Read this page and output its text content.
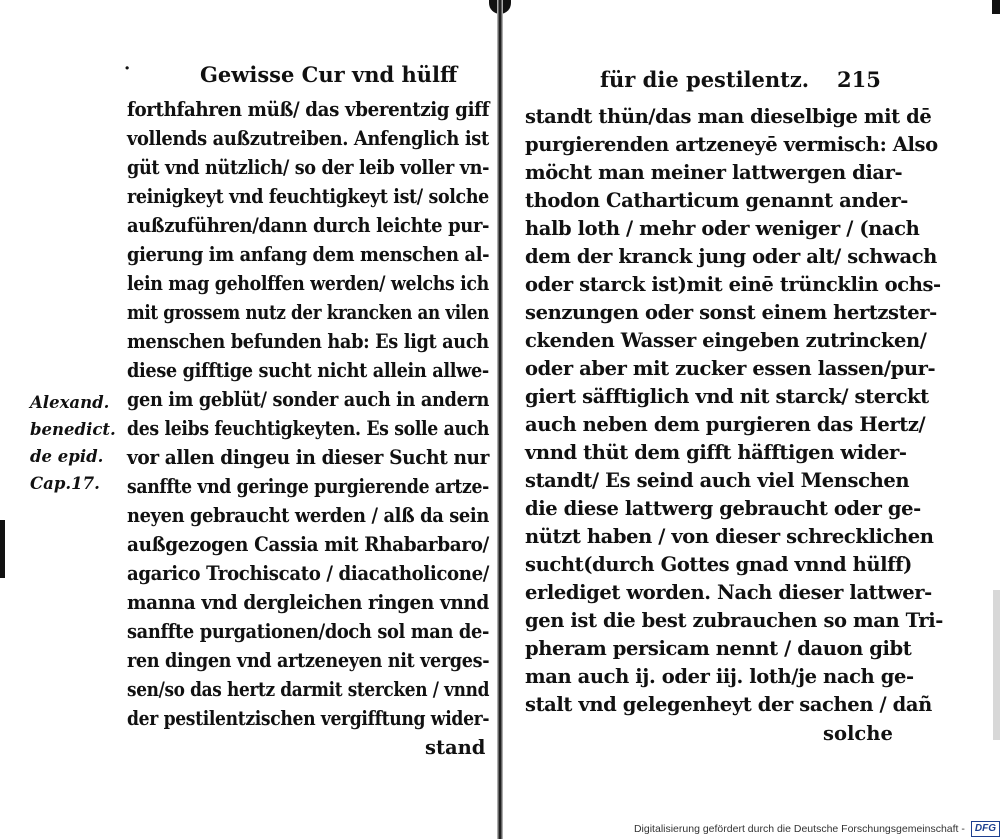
·	Gewisse Cur vnd hülff
forthfahren müß/ das vberentzig giff
vollends außzutreiben. Anfenglich ist
güt vnd nützlich/ so der leib voller vn-
reinigkeyt vnd feuchtigkeyt ist/ solche
außzuführen/dann durch leichte pur-
gierung im anfang dem menschen al-
lein mag geholffen werden/ welchs ich
mit grossem nutz der krancken an vilen
menschen befunden hab: Es ligt auch
diese gifftige sucht nicht allein allwe-
gen im geblüt/ sonder auch in andern
des leibs feuchtigkeyten. Es solle auch
vor allen dingeu in dieser Sucht nur
sanffte vnd geringe purgierende artze-
neyen gebraucht werden / alß da sein
außgezogen Cassia mit Rhabarbaro/
agarico Trochiscato / diacatholicone/
manna vnd dergleichen ringen vnnd
sanffte purgationen/doch sol man de-
ren dingen vnd artzeneyen nit verges-
sen/so das hertz darmit stercken / vnnd
der pestilentzischen vergifftung wider-
stand
Alexand.
benedict.
de epid.
Cap.17.
für die pestilentz. 215
standt thün/das man dieselbige mit dē
purgierenden artzeneyē vermisch: Also
möcht man meiner lattwergen diar-
thodon Catharticum genannt ander-
halb loth / mehr oder weniger / (nach
dem der kranck jung oder alt/ schwach
oder starck ist)mit einē trüncklin ochs-
senzungen oder sonst einem hertzster-
ckenden Wasser eingeben zutrincken/
oder aber mit zucker essen lassen/pur-
giert säfftiglich vnd nit starck/ sterckt
auch neben dem purgieren das Hertz/
vnnd thüt dem gifft häfftigen wider-
standt/ Es seind auch viel Menschen
die diese lattwerg gebraucht oder ge-
nützt haben / von dieser schrecklichen
sucht(durch Gottes gnad vnnd hülff)
erlediget worden. Nach dieser lattwer-
gen ist die best zubrauchen so man Tri-
pheram persicam nennt / dauon gibt
man auch ij. oder iij. loth/je nach ge-
stalt vnd gelegenheyt der sachen / dañ
solche
Digitalisierung gefördert durch die Deutsche Forschungsgemeinschaft -	DFG
